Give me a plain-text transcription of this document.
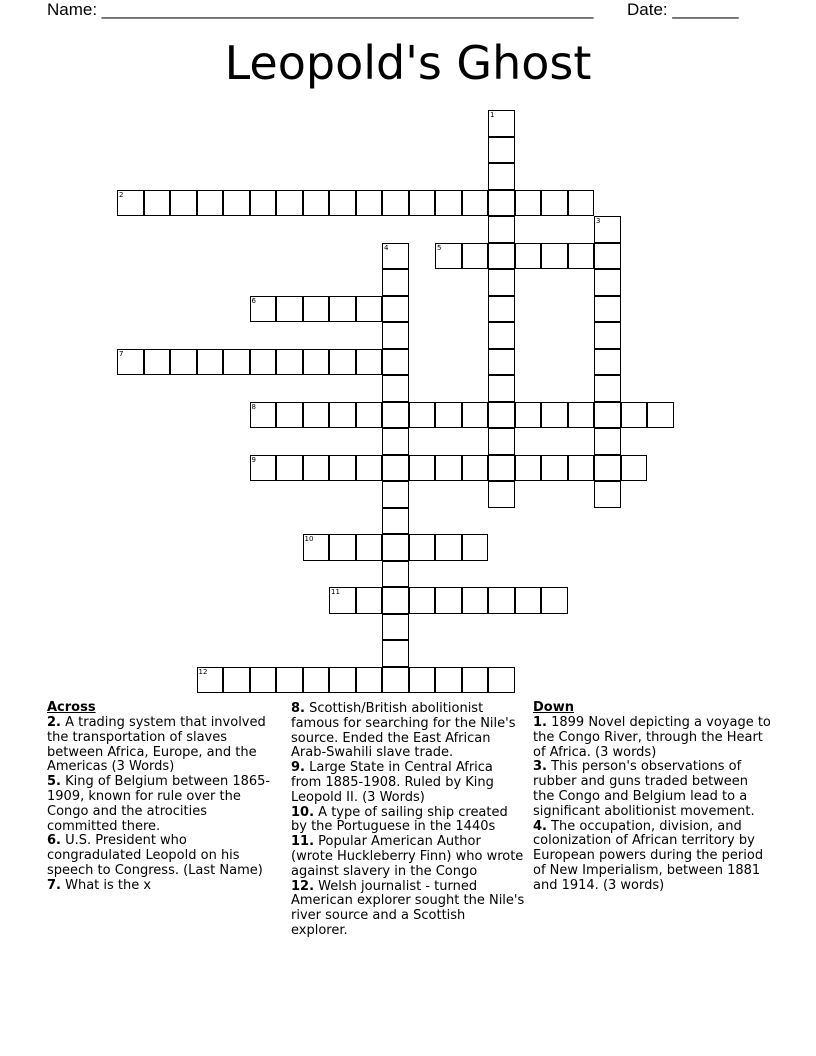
Name: ____________________________________________________ Date: _______
Leopold's Ghost
1
2
3
4	5
6
7
8
9
10
11
12
Across
2. A trading system that involved the transportation of slaves between Africa, Europe, and the Americas (3 Words)
5. King of Belgium between 1865-1909, known for rule over the Congo and the atrocities committed there.
6. U.S. President who congradulated Leopold on his speech to Congress. (Last Name)
7. What is the x
8. Scottish/British abolitionist famous for searching for the Nile's source. Ended the East African Arab-Swahili slave trade.
9. Large State in Central Africa from 1885-1908. Ruled by King Leopold II. (3 Words)
10. A type of sailing ship created by the Portuguese in the 1440s
11. Popular American Author (wrote Huckleberry Finn) who wrote against slavery in the Congo
12. Welsh journalist - turned American explorer sought the Nile's river source and a Scottish explorer.
Down
1. 1899 Novel depicting a voyage to the Congo River, through the Heart of Africa. (3 words)
3. This person's observations of rubber and guns traded between the Congo and Belgium lead to a significant abolitionist movement.
4. The occupation, division, and colonization of African territory by European powers during the period of New Imperialism, between 1881 and 1914. (3 words)
